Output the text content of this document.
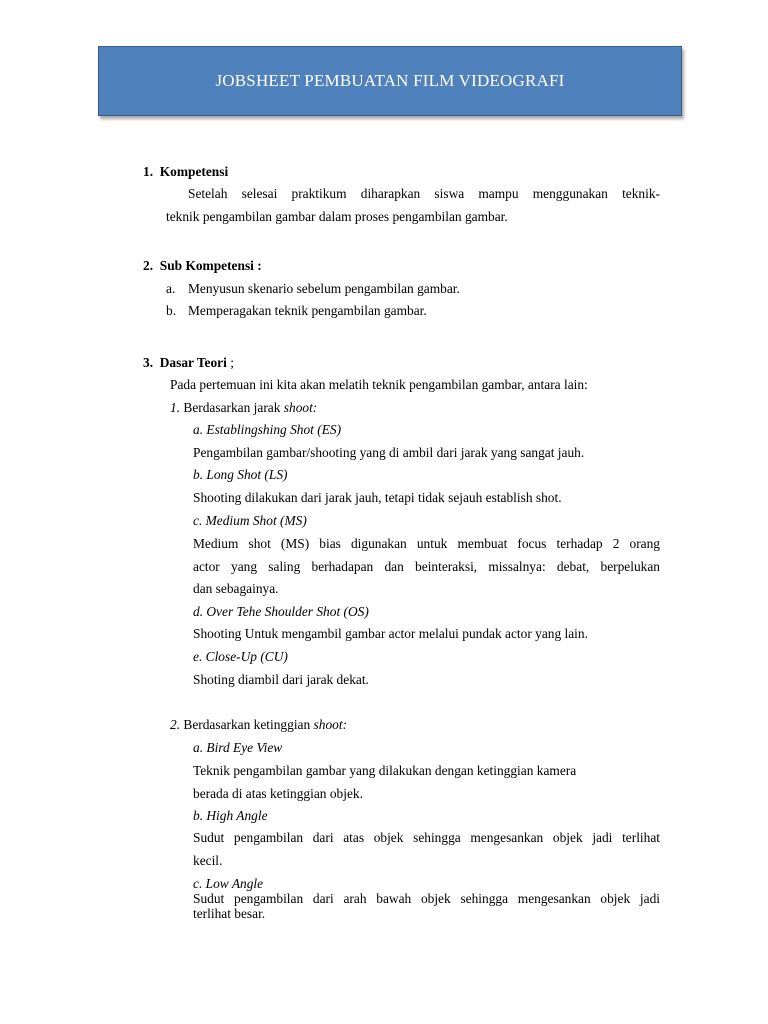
JOBSHEET PEMBUATAN FILM VIDEOGRAFI
1. Kompetensi
Setelah selesai praktikum diharapkan siswa mampu menggunakan teknik-
teknik pengambilan gambar dalam proses pengambilan gambar.
2. Sub Kompetensi :
a. Menyusun skenario sebelum pengambilan gambar.
b. Memperagakan teknik pengambilan gambar.
3. Dasar Teori ;
Pada pertemuan ini kita akan melatih teknik pengambilan gambar, antara lain:
1. Berdasarkan jarak shoot:
a. Establingshing Shot (ES)
Pengambilan gambar/shooting yang di ambil dari jarak yang sangat jauh.
b. Long Shot (LS)
Shooting dilakukan dari jarak jauh, tetapi tidak sejauh establish shot.
c. Medium Shot (MS)
Medium shot (MS) bias digunakan untuk membuat focus terhadap 2 orang
actor yang saling berhadapan dan beinteraksi, missalnya: debat, berpelukan
dan sebagainya.
d. Over Tehe Shoulder Shot (OS)
Shooting Untuk mengambil gambar actor melalui pundak actor yang lain.
e. Close-Up (CU)
Shoting diambil dari jarak dekat.
2. Berdasarkan ketinggian shoot:
a. Bird Eye View
Teknik pengambilan gambar yang dilakukan dengan ketinggian kamera
berada di atas ketinggian objek.
b. High Angle
Sudut pengambilan dari atas objek sehingga mengesankan objek jadi terlihat
kecil.
c. Low Angle
Sudut pengambilan dari arah bawah objek sehingga mengesankan objek jadi
terlihat besar.
